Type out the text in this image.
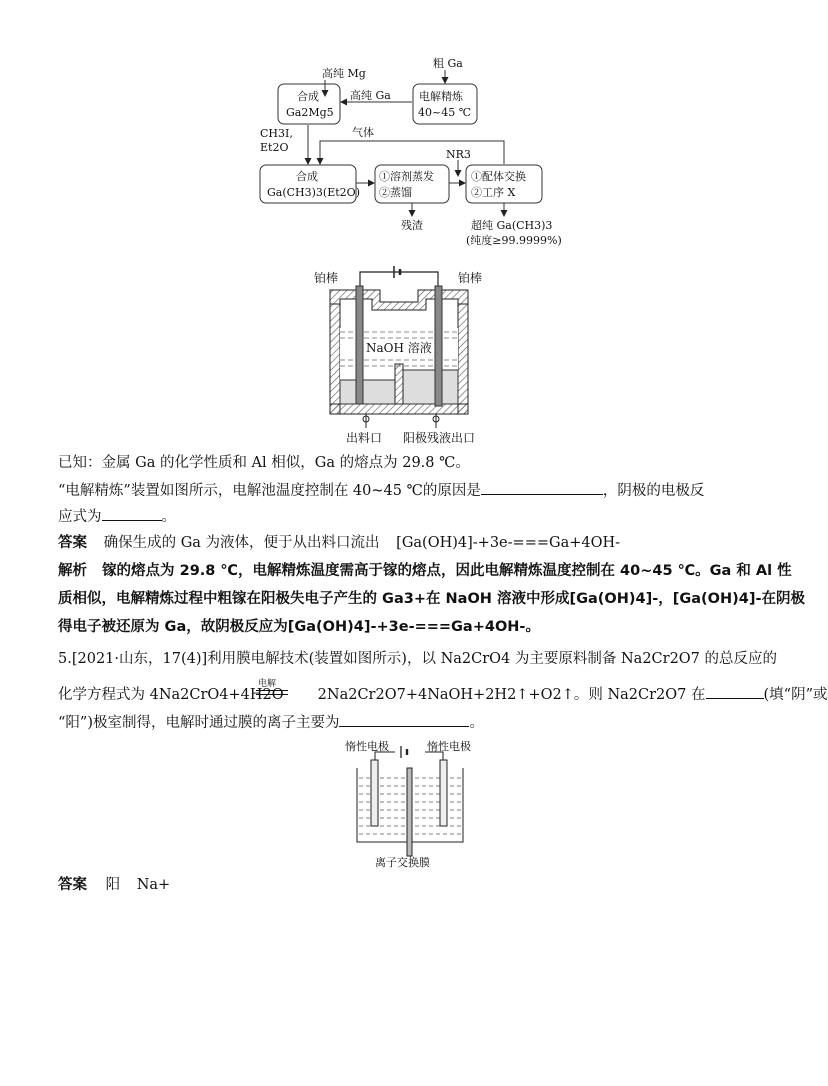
粗 Ga
高纯 Mg
高纯 Ga
合成
Ga2Mg5
电解精炼
40~45 ℃
CH3I,
Et2O
气体
合成
Ga(CH3)3(Et2O)
①溶剂蒸发
②蒸馏
NR3
①配体交换
②工序 X
残渣	超纯 Ga(CH3)3
(纯度≥99.9999%)
铂棒	铂棒
NaOH 溶液
出料口 阳极残液出口
已知：金属 Ga 的化学性质和 Al 相似，Ga 的熔点为 29.8 ℃。
“电解精炼”装置如图所示，电解池温度控制在 40~45 ℃的原因是	，阴极的电极反
应式为	。
答案 确保生成的 Ga 为液体，便于从出料口流出 [Ga(OH)4]-+3e-===Ga+4OH-
解析 镓的熔点为 29.8 ℃，电解精炼温度需高于镓的熔点，因此电解精炼温度控制在 40~45 ℃。Ga 和 Al 性
质相似，电解精炼过程中粗镓在阳极失电子产生的 Ga3+在 NaOH 溶液中形成[Ga(OH)4]-，[Ga(OH)4]-在阴极
得电子被还原为 Ga，故阴极反应为[Ga(OH)4]-+3e-===Ga+4OH-。
5.[2021·山东，17(4)]利用膜电解技术(装置如图所示)，以 Na2CrO4 为主要原料制备 Na2Cr2O7 的总反应的
电解
化学方程式为 4Na2CrO4+4H2O 2Na2Cr2O7+4NaOH+2H2↑+O2↑。则 Na2Cr2O7 在	(填“阴”或
“阳”)极室制得，电解时通过膜的离子主要为	。
惰性电极	惰性电极
离子交换膜
答案 阳 Na+
